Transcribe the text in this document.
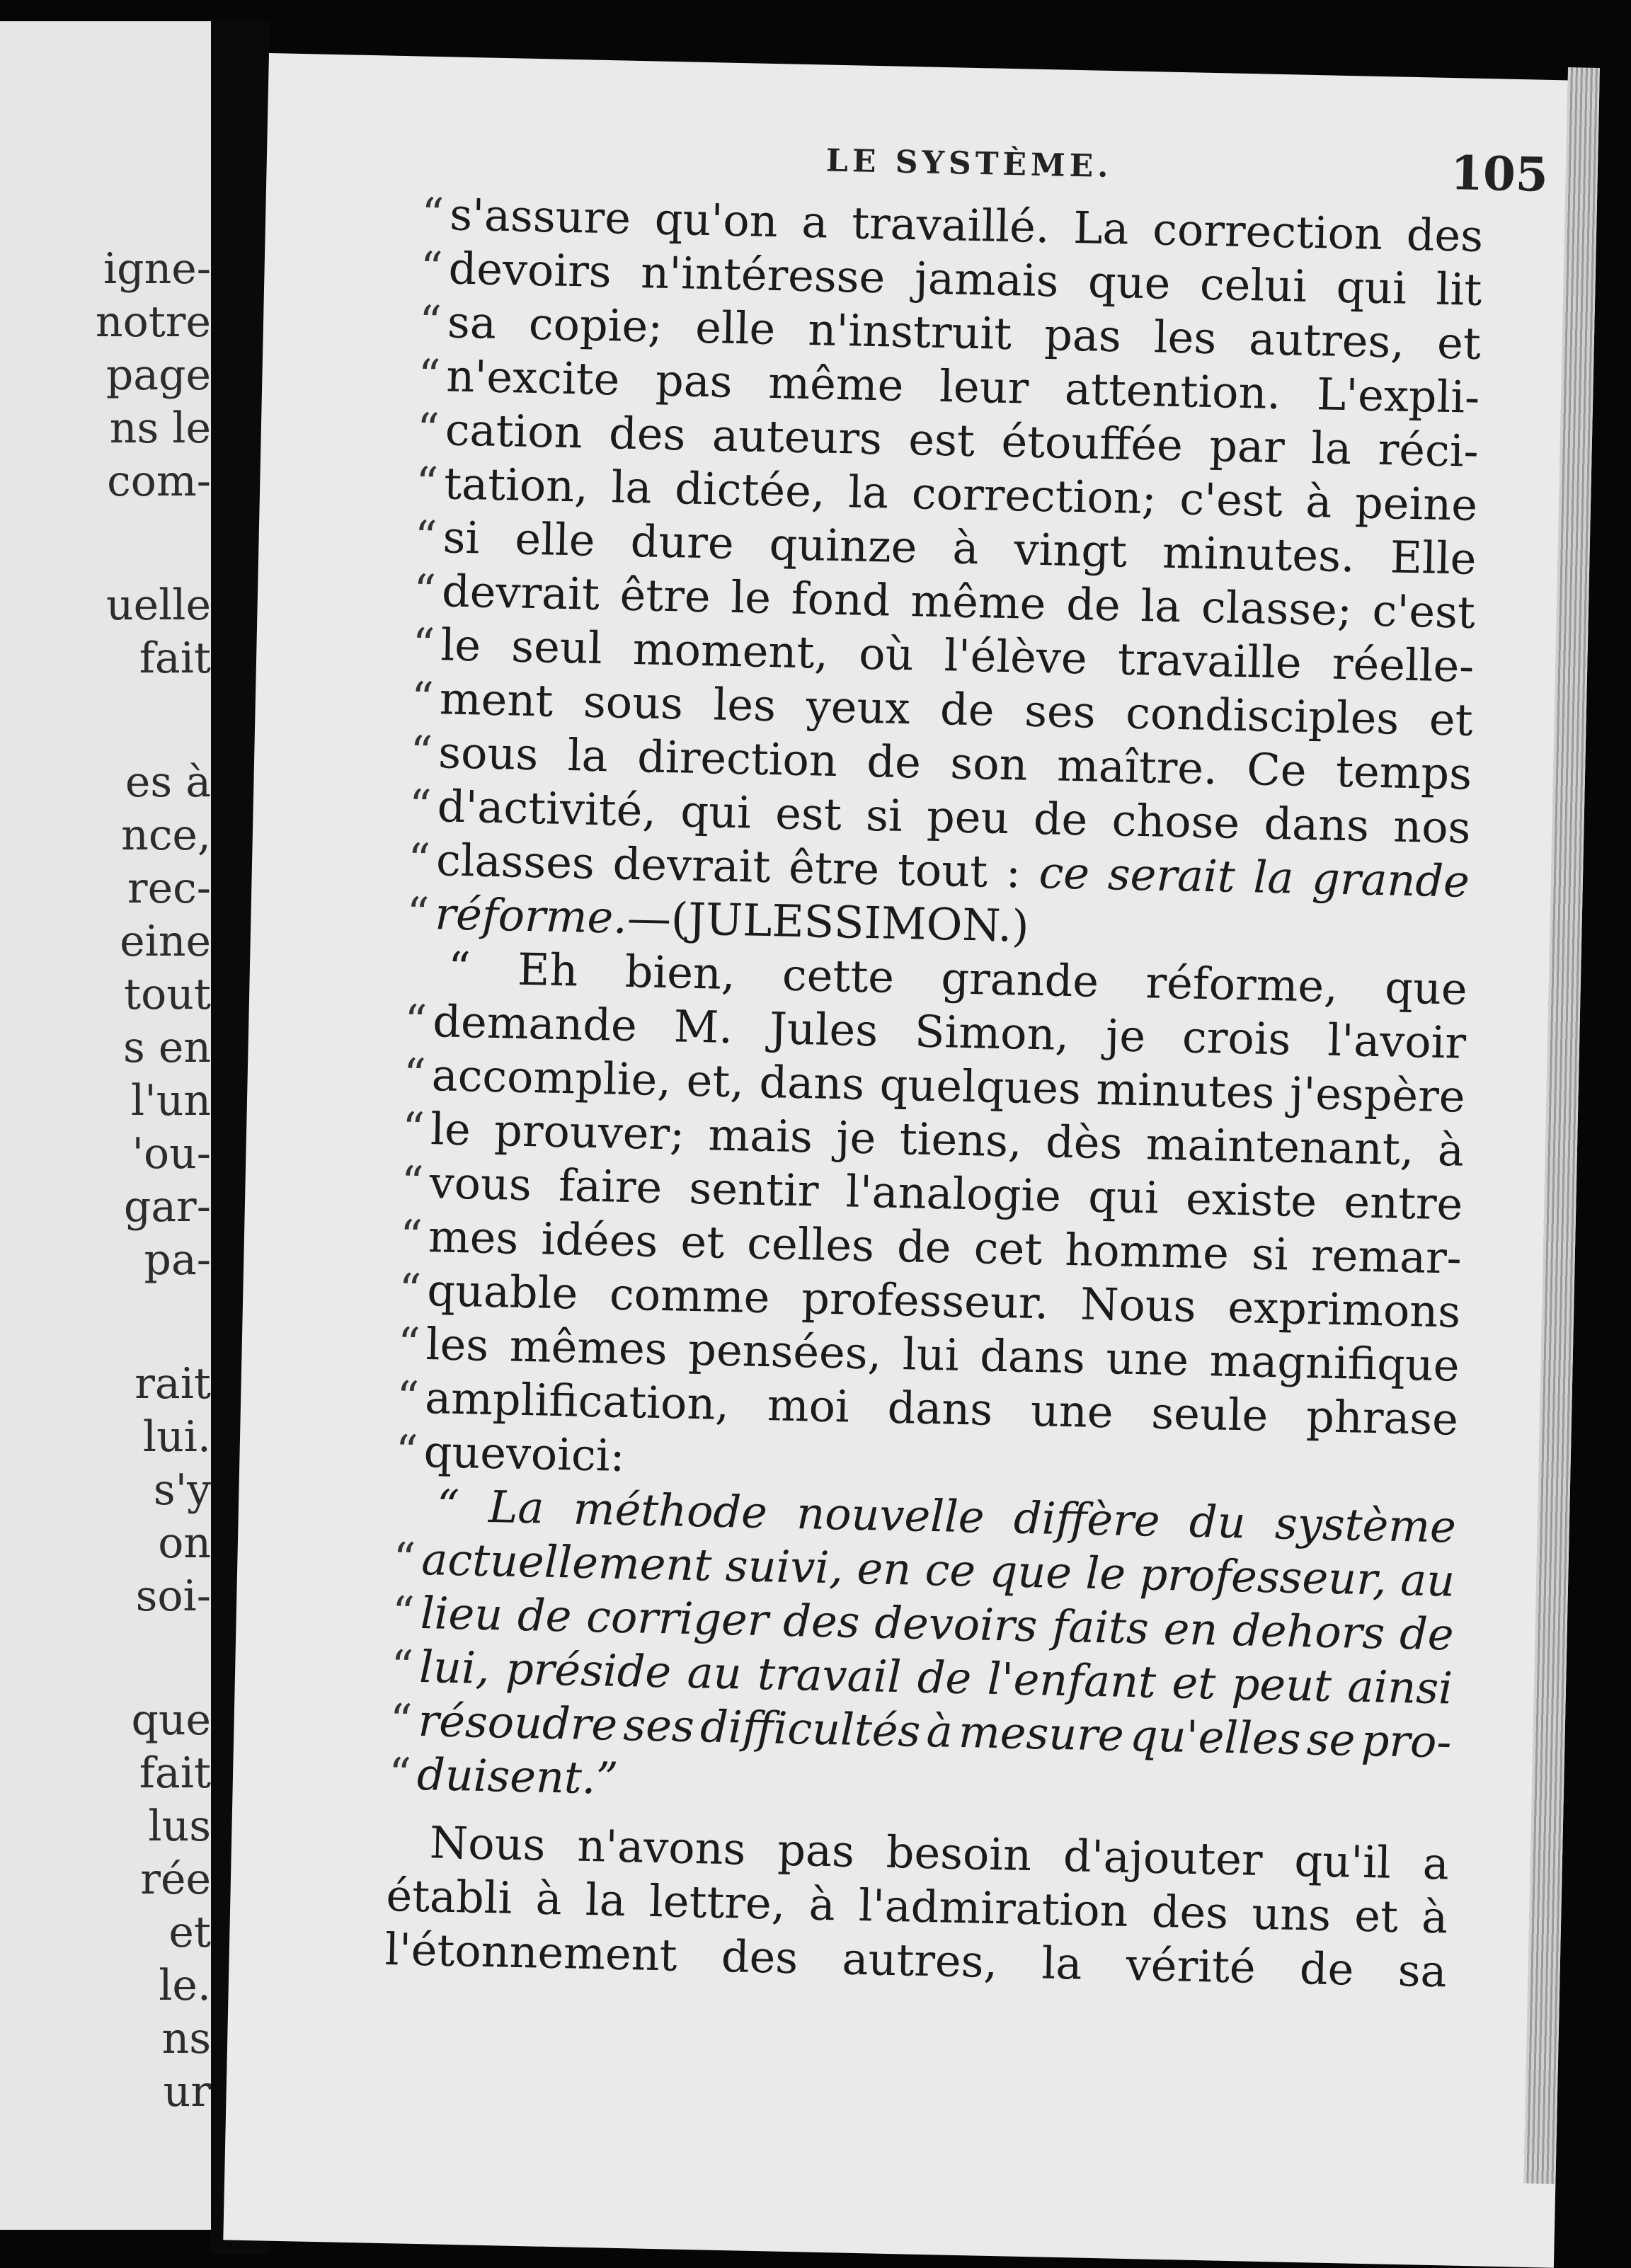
igne-
notre
page
ns le
com-
uelle
fait
es à
nce,
rec-
eine
tout
s en
l'un
'ou-
gar-
pa-
rait
lui.
s'y
on
soi-
que
fait
lus
rée
et
le.
ns
ur
LE SYSTÈME.	105
“ s'assure qu'on a travaillé. La correction des
“ devoirs n'intéresse jamais que celui qui lit
“ sa copie; elle n'instruit pas les autres, et
“ n'excite pas même leur attention. L'expli-
“ cation des auteurs est étouffée par la réci-
“ tation, la dictée, la correction; c'est à peine
“ si elle dure quinze à vingt minutes. Elle
“ devrait être le fond même de la classe; c'est
“ le seul moment, où l'élève travaille réelle-
“ ment sous les yeux de ses condisciples et
“ sous la direction de son maître. Ce temps
“ d'activité, qui est si peu de chose dans nos
“ classes devrait être tout : ce serait la grande
“ réforme.
—(JULES
SIMON.)
“ Eh bien, cette grande réforme, que
“ demande M. Jules Simon, je crois l'avoir
“ accomplie, et, dans quelques minutes j'espère
“ le prouver; mais je tiens, dès maintenant, à
“ vous faire sentir l'analogie qui existe entre
“ mes idées et celles de cet homme si remar-
“ quable comme professeur. Nous exprimons
“ les mêmes pensées, lui dans une magnifique
“ amplification, moi dans une seule phrase
“ que
voici
:
“ La méthode nouvelle diffère du système
“ actuellement suivi, en ce que le professeur, au
“ lieu de corriger des devoirs faits en dehors de
“ lui, préside au travail de l'enfant et peut ainsi
“ résoudre ses difficultés à mesure qu'elles se pro-
“ duisent.”
Nous n'avons pas besoin d'ajouter qu'il a
établi à la lettre, à l'admiration des uns et à
l'étonnement des autres, la vérité de sa
